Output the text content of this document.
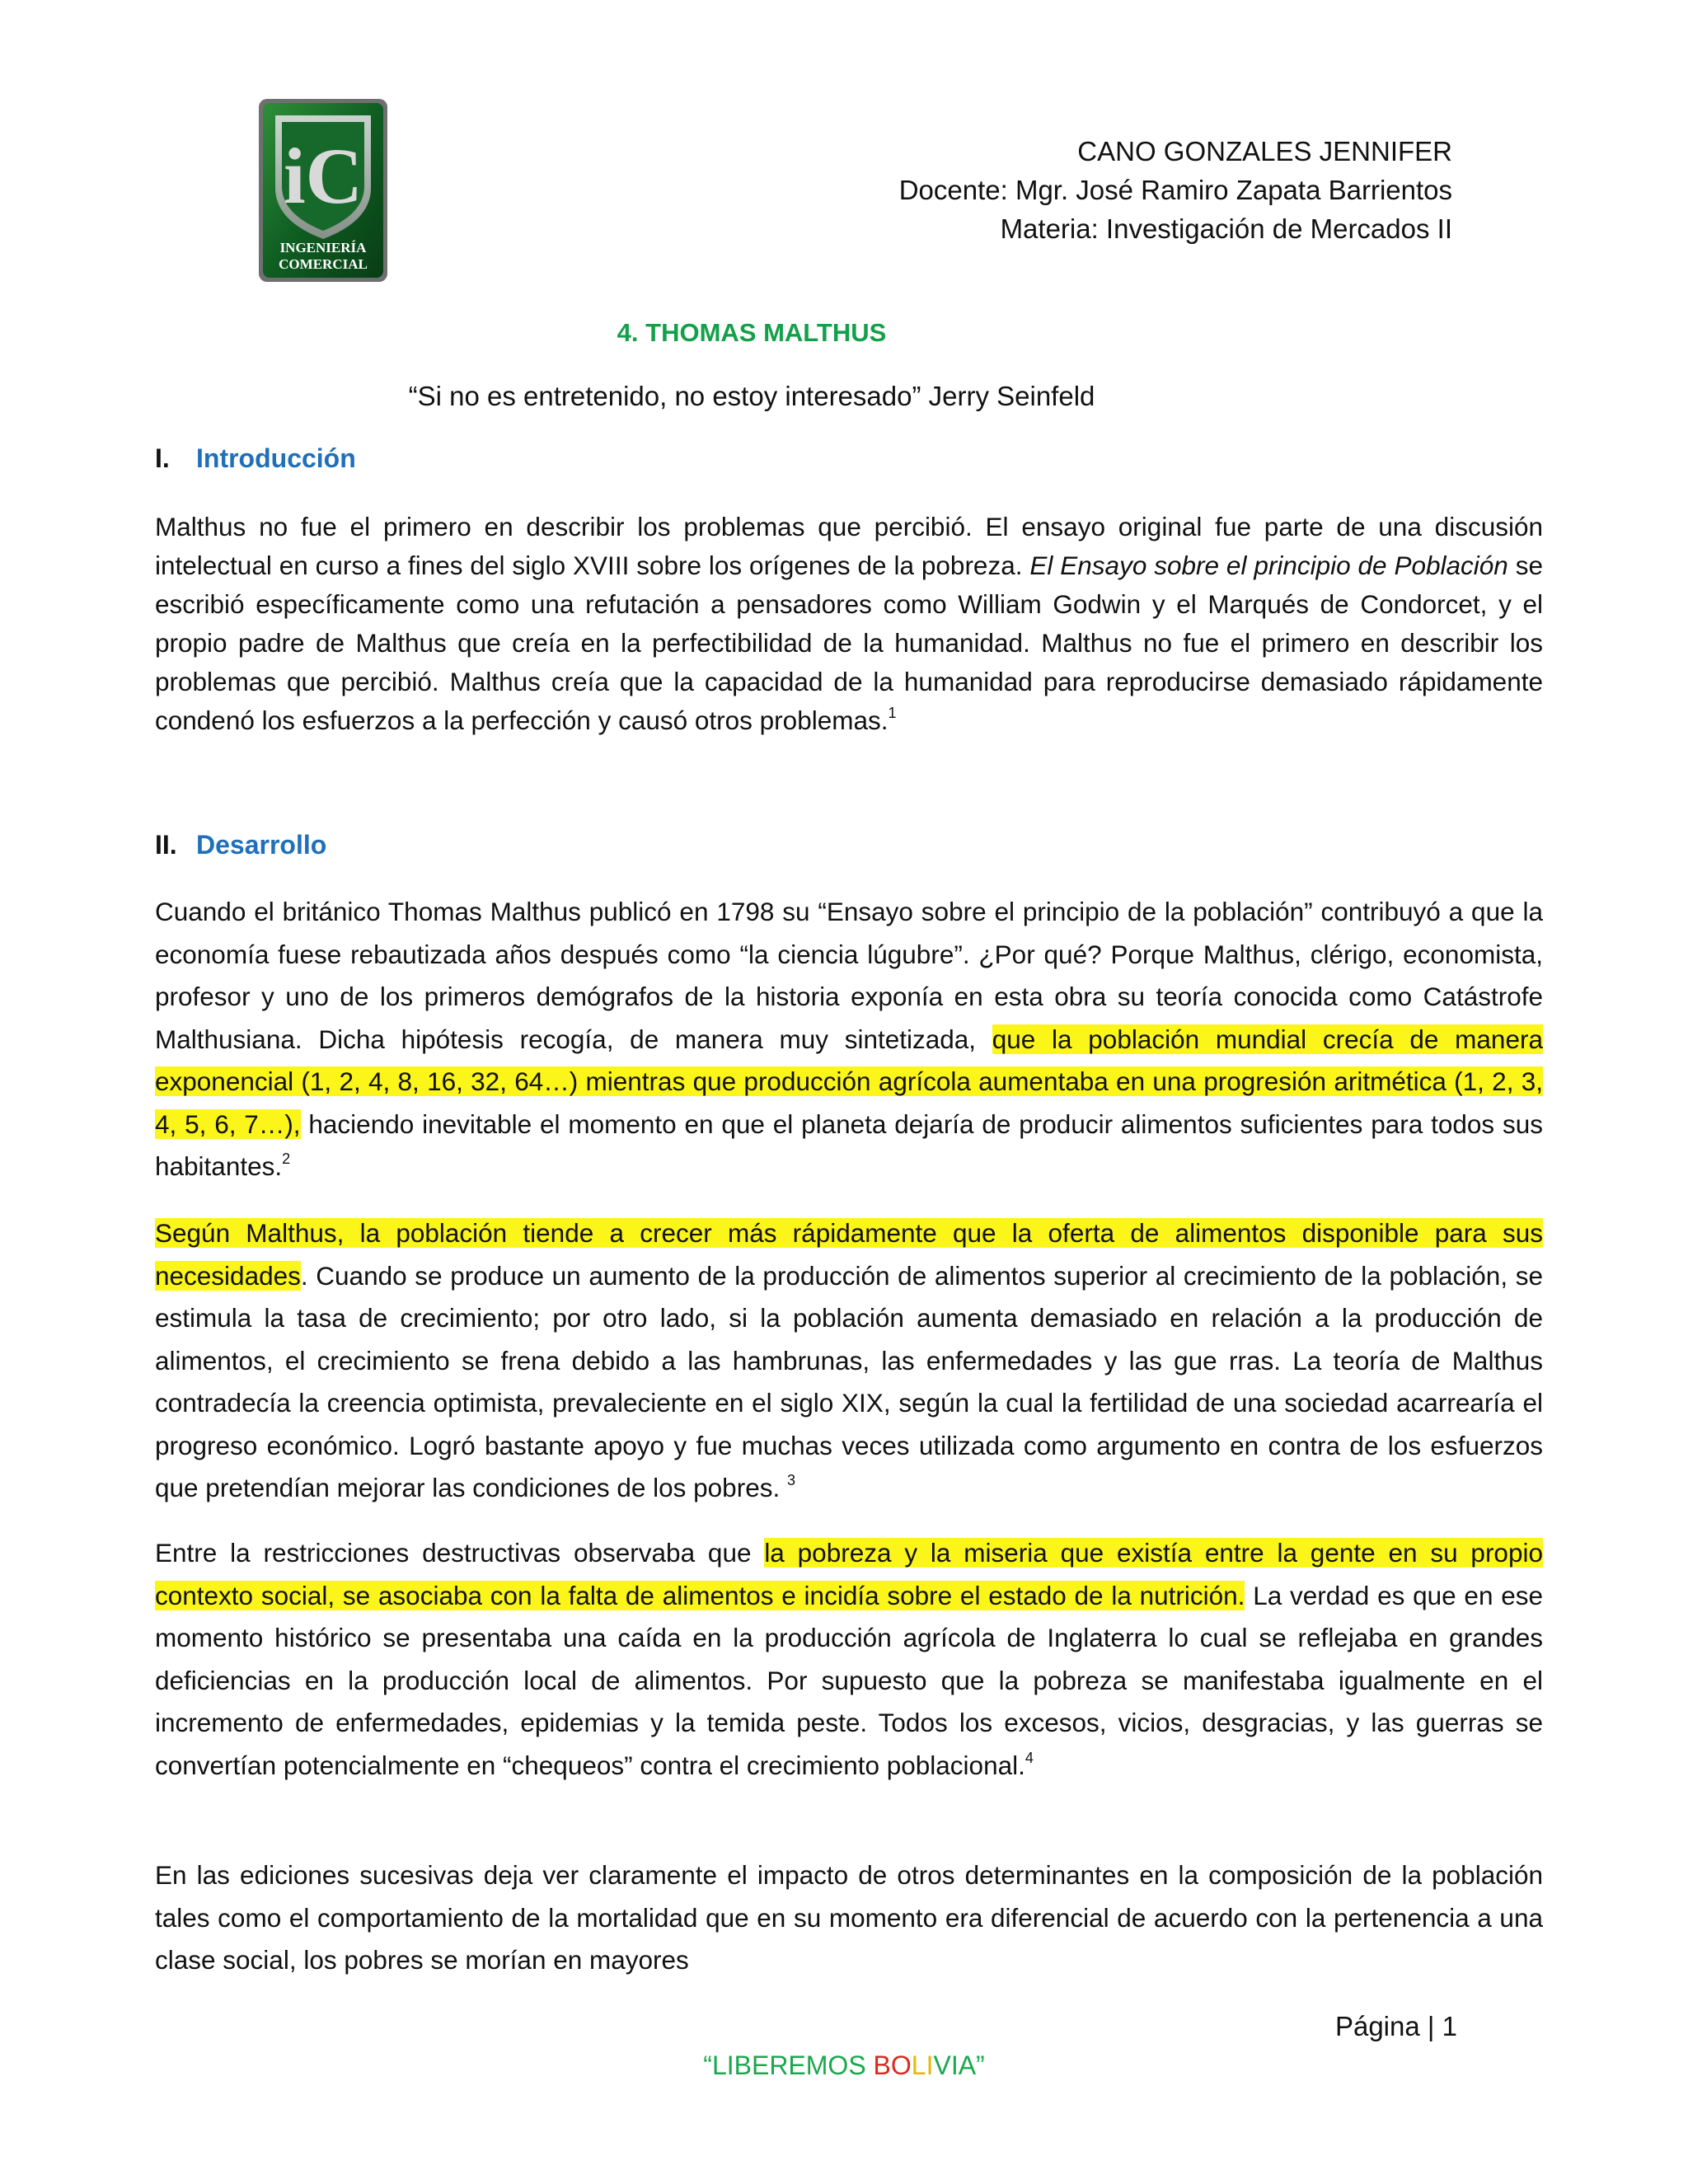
iC
INGENIERÍA
COMERCIAL
CANO GONZALES JENNIFER
Docente: Mgr. José Ramiro Zapata Barrientos
Materia: Investigación de Mercados II
4. THOMAS MALTHUS
“Si no es entretenido, no estoy interesado” Jerry Seinfeld
I. Introducción

Malthus no fue el primero en describir los problemas que percibió. El ensayo original fue parte de una discusión intelectual en curso a fines del siglo XVIII sobre los orígenes de la pobreza. El Ensayo sobre el principio de Población se escribió específicamente como una refutación a pensadores como William Godwin y el Marqués de Condorcet, y el propio padre de Malthus que creía en la perfectibilidad de la humanidad. Malthus no fue el primero en describir los problemas que percibió. Malthus creía que la capacidad de la humanidad para reproducirse demasiado rápidamente condenó los esfuerzos a la perfección y causó otros problemas.$^1$

II. Desarrollo

Cuando el británico Thomas Malthus publicó en 1798 su “Ensayo sobre el principio de la población” contribuyó a que la economía fuese rebautizada años después como “la ciencia lúgubre”. ¿Por qué? Porque Malthus, clérigo, economista, profesor y uno de los primeros demógrafos de la historia exponía en esta obra su teoría conocida como Catástrofe Malthusiana. Dicha hipótesis recogía, de manera muy sintetizada, que la población mundial crecía de manera exponencial (1, 2, 4, 8, 16, 32, 64…) mientras que producción agrícola aumentaba en una progresión aritmética (1, 2, 3, 4, 5, 6, 7…), haciendo inevitable el momento en que el planeta dejaría de producir alimentos suficientes para todos sus habitantes.$^2$

Según Malthus, la población tiende a crecer más rápidamente que la oferta de alimentos disponible para sus necesidades. Cuando se produce un aumento de la producción de alimentos superior al crecimiento de la población, se estimula la tasa de crecimiento; por otro lado, si la población aumenta demasiado en relación a la producción de alimentos, el crecimiento se frena debido a las hambrunas, las enfermedades y las gue rras. La teoría de Malthus contradecía la creencia optimista, prevaleciente en el siglo XIX, según la cual la fertilidad de una sociedad acarrearía el progreso económico. Logró bastante apoyo y fue muchas veces utilizada como argumento en contra de los esfuerzos que pretendían mejorar las condiciones de los pobres. $^3$

Entre la restricciones destructivas observaba que la pobreza y la miseria que existía entre la gente en su propio contexto social, se asociaba con la falta de alimentos e incidía sobre el estado de la nutrición. La verdad es que en ese momento histórico se presentaba una caída en la producción agrícola de Inglaterra lo cual se reflejaba en grandes deficiencias en la producción local de alimentos. Por supuesto que la pobreza se manifestaba igualmente en el incremento de enfermedades, epidemias y la temida peste. Todos los excesos, vicios, desgracias, y las guerras se convertían potencialmente en “chequeos” contra el crecimiento poblacional.$^4$

En las ediciones sucesivas deja ver claramente el impacto de otros determinantes en la composición de la población tales como el comportamiento de la mortalidad que en su momento era diferencial de acuerdo con la pertenencia a una clase social, los pobres se morían en mayores

Página | 1
“LIBEREMOS BOLIVIA”
